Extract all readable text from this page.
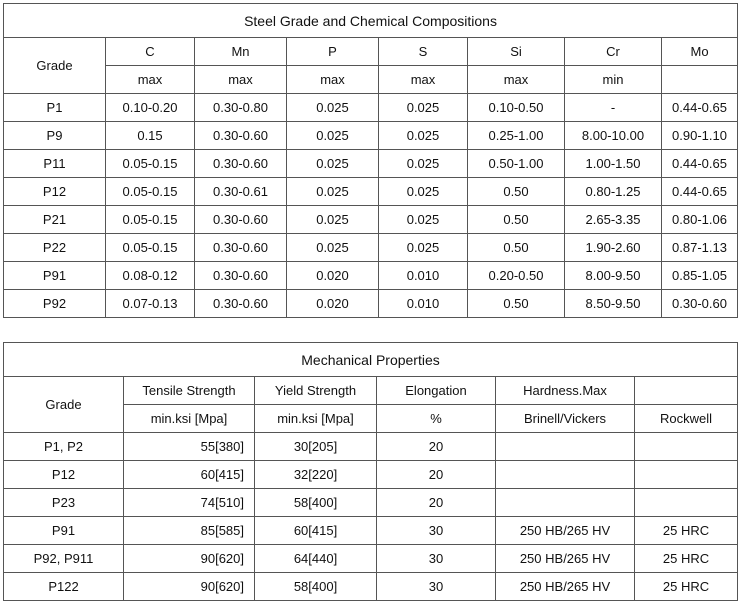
Steel Grade and Chemical Compositions							
Grade	C	Mn	P	S	Si	Cr	Mo
	max	max	max	max	max	min	
P1	0.10-0.20	0.30-0.80	0.025	0.025	0.10-0.50	-	0.44-0.65
P9	0.15	0.30-0.60	0.025	0.025	0.25-1.00	8.00-10.00	0.90-1.10
P11	0.05-0.15	0.30-0.60	0.025	0.025	0.50-1.00	1.00-1.50	0.44-0.65
P12	0.05-0.15	0.30-0.61	0.025	0.025	0.50	0.80-1.25	0.44-0.65
P21	0.05-0.15	0.30-0.60	0.025	0.025	0.50	2.65-3.35	0.80-1.06
P22	0.05-0.15	0.30-0.60	0.025	0.025	0.50	1.90-2.60	0.87-1.13
P91	0.08-0.12	0.30-0.60	0.020	0.010	0.20-0.50	8.00-9.50	0.85-1.05
P92	0.07-0.13	0.30-0.60	0.020	0.010	0.50	8.50-9.50	0.30-0.60
Mechanical Properties					
Grade	Tensile Strength	Yield Strength	Elongation	Hardness.Max	
	min.ksi [Mpa]	min.ksi [Mpa]	%	Brinell/Vickers	Rockwell
P1, P2	55[380]	30[205]	20		
P12	60[415]	32[220]	20		
P23	74[510]	58[400]	20		
P91	85[585]	60[415]	30	250 HB/265 HV	25 HRC
P92, P911	90[620]	64[440]	30	250 HB/265 HV	25 HRC
P122	90[620]	58[400]	30	250 HB/265 HV	25 HRC
